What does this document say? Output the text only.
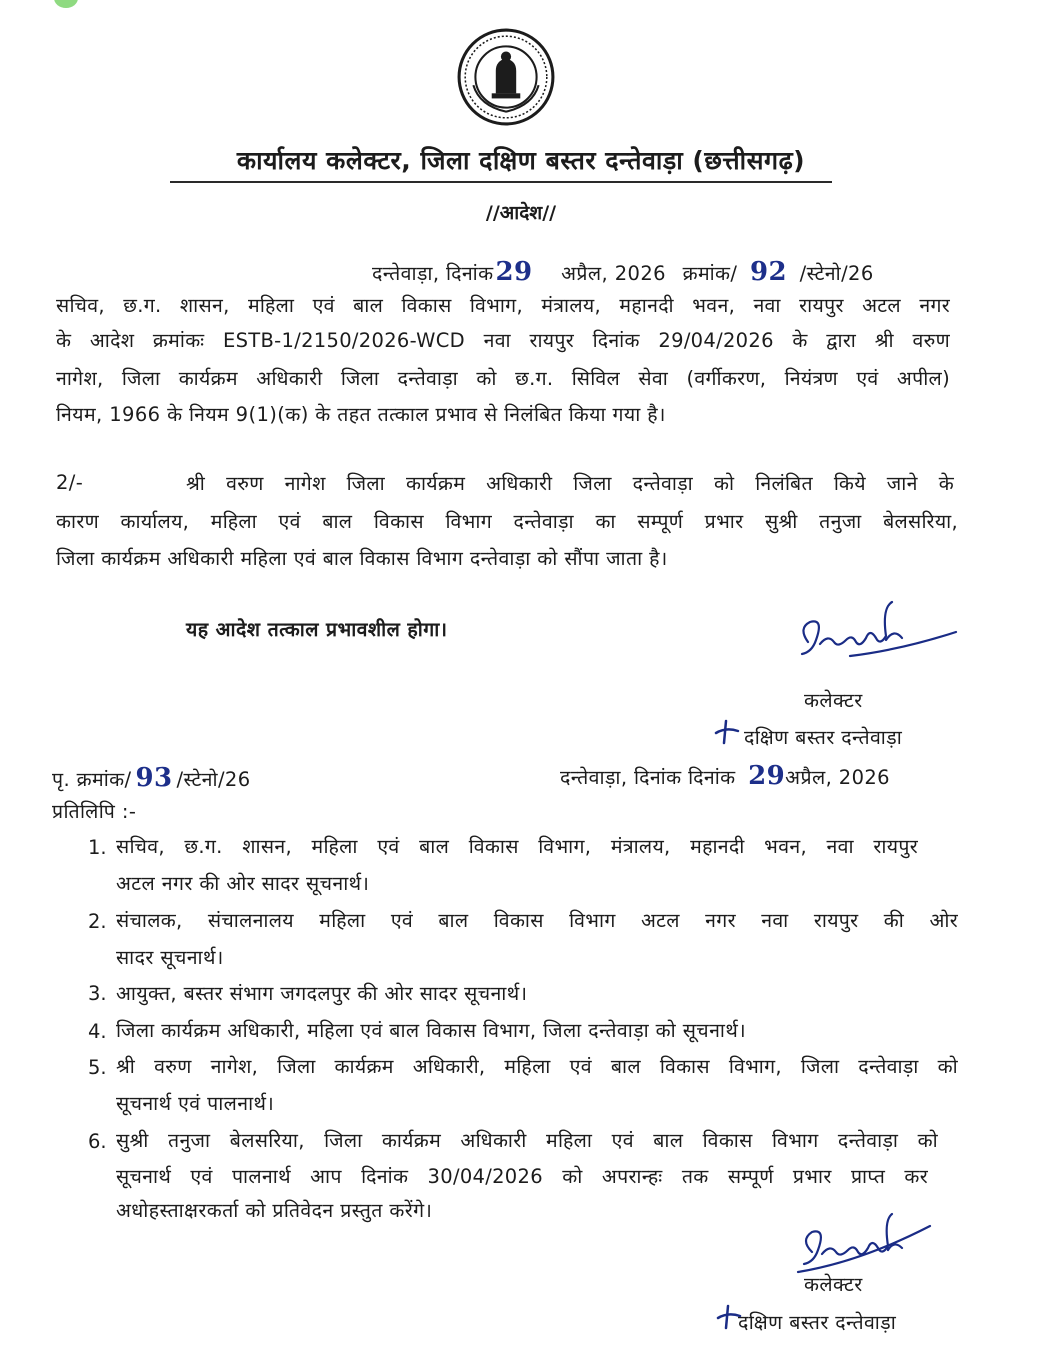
कार्यालय कलेक्टर, जिला दक्षिण बस्तर दन्तेवाड़ा (छत्तीसगढ़)
//आदेश//
दन्तेवाड़ा, दिनांक29 अप्रैल, 2026 क्रमांक/ 92 /स्टेनो/26
सचिव, छ.ग. शासन, महिला एवं बाल विकास विभाग, मंत्रालय, महानदी भवन, नवा रायपुर अटल नगर
के आदेश क्रमांकः ESTB-1/2150/2026-WCD नवा रायपुर दिनांक 29/04/2026 के द्वारा श्री वरुण
नागेश, जिला कार्यक्रम अधिकारी जिला दन्तेवाड़ा को छ.ग. सिविल सेवा (वर्गीकरण, नियंत्रण एवं अपील)
नियम, 1966 के नियम 9(1)(क) के तहत तत्काल प्रभाव से निलंबित किया गया है।
2/-	श्री वरुण नागेश जिला कार्यक्रम अधिकारी जिला दन्तेवाड़ा को निलंबित किये जाने के
कारण कार्यालय, महिला एवं बाल विकास विभाग दन्तेवाड़ा का सम्पूर्ण प्रभार सुश्री तनुजा बेलसरिया,
जिला कार्यक्रम अधिकारी महिला एवं बाल विकास विभाग दन्तेवाड़ा को सौंपा जाता है।
यह आदेश तत्काल प्रभावशील होगा।
कलेक्टर
दक्षिण बस्तर दन्तेवाड़ा
पृ. क्रमांक/ 93 /स्टेनो/26	दन्तेवाड़ा, दिनांक दिनांक 29अप्रैल, 2026
प्रतिलिपि :-
1. सचिव, छ.ग. शासन, महिला एवं बाल विकास विभाग, मंत्रालय, महानदी भवन, नवा रायपुर
अटल नगर की ओर सादर सूचनार्थ।
2. संचालक, संचालनालय महिला एवं बाल विकास विभाग अटल नगर नवा रायपुर की ओर
सादर सूचनार्थ।
3. आयुक्त, बस्तर संभाग जगदलपुर की ओर सादर सूचनार्थ।
4. जिला कार्यक्रम अधिकारी, महिला एवं बाल विकास विभाग, जिला दन्तेवाड़ा को सूचनार्थ।
5. श्री वरुण नागेश, जिला कार्यक्रम अधिकारी, महिला एवं बाल विकास विभाग, जिला दन्तेवाड़ा को
सूचनार्थ एवं पालनार्थ।
6. सुश्री तनुजा बेलसरिया, जिला कार्यक्रम अधिकारी महिला एवं बाल विकास विभाग दन्तेवाड़ा को
सूचनार्थ एवं पालनार्थ आप दिनांक 30/04/2026 को अपरान्हः तक सम्पूर्ण प्रभार प्राप्त कर
अधोहस्ताक्षरकर्ता को प्रतिवेदन प्रस्तुत करेंगे।
कलेक्टर
दक्षिण बस्तर दन्तेवाड़ा
